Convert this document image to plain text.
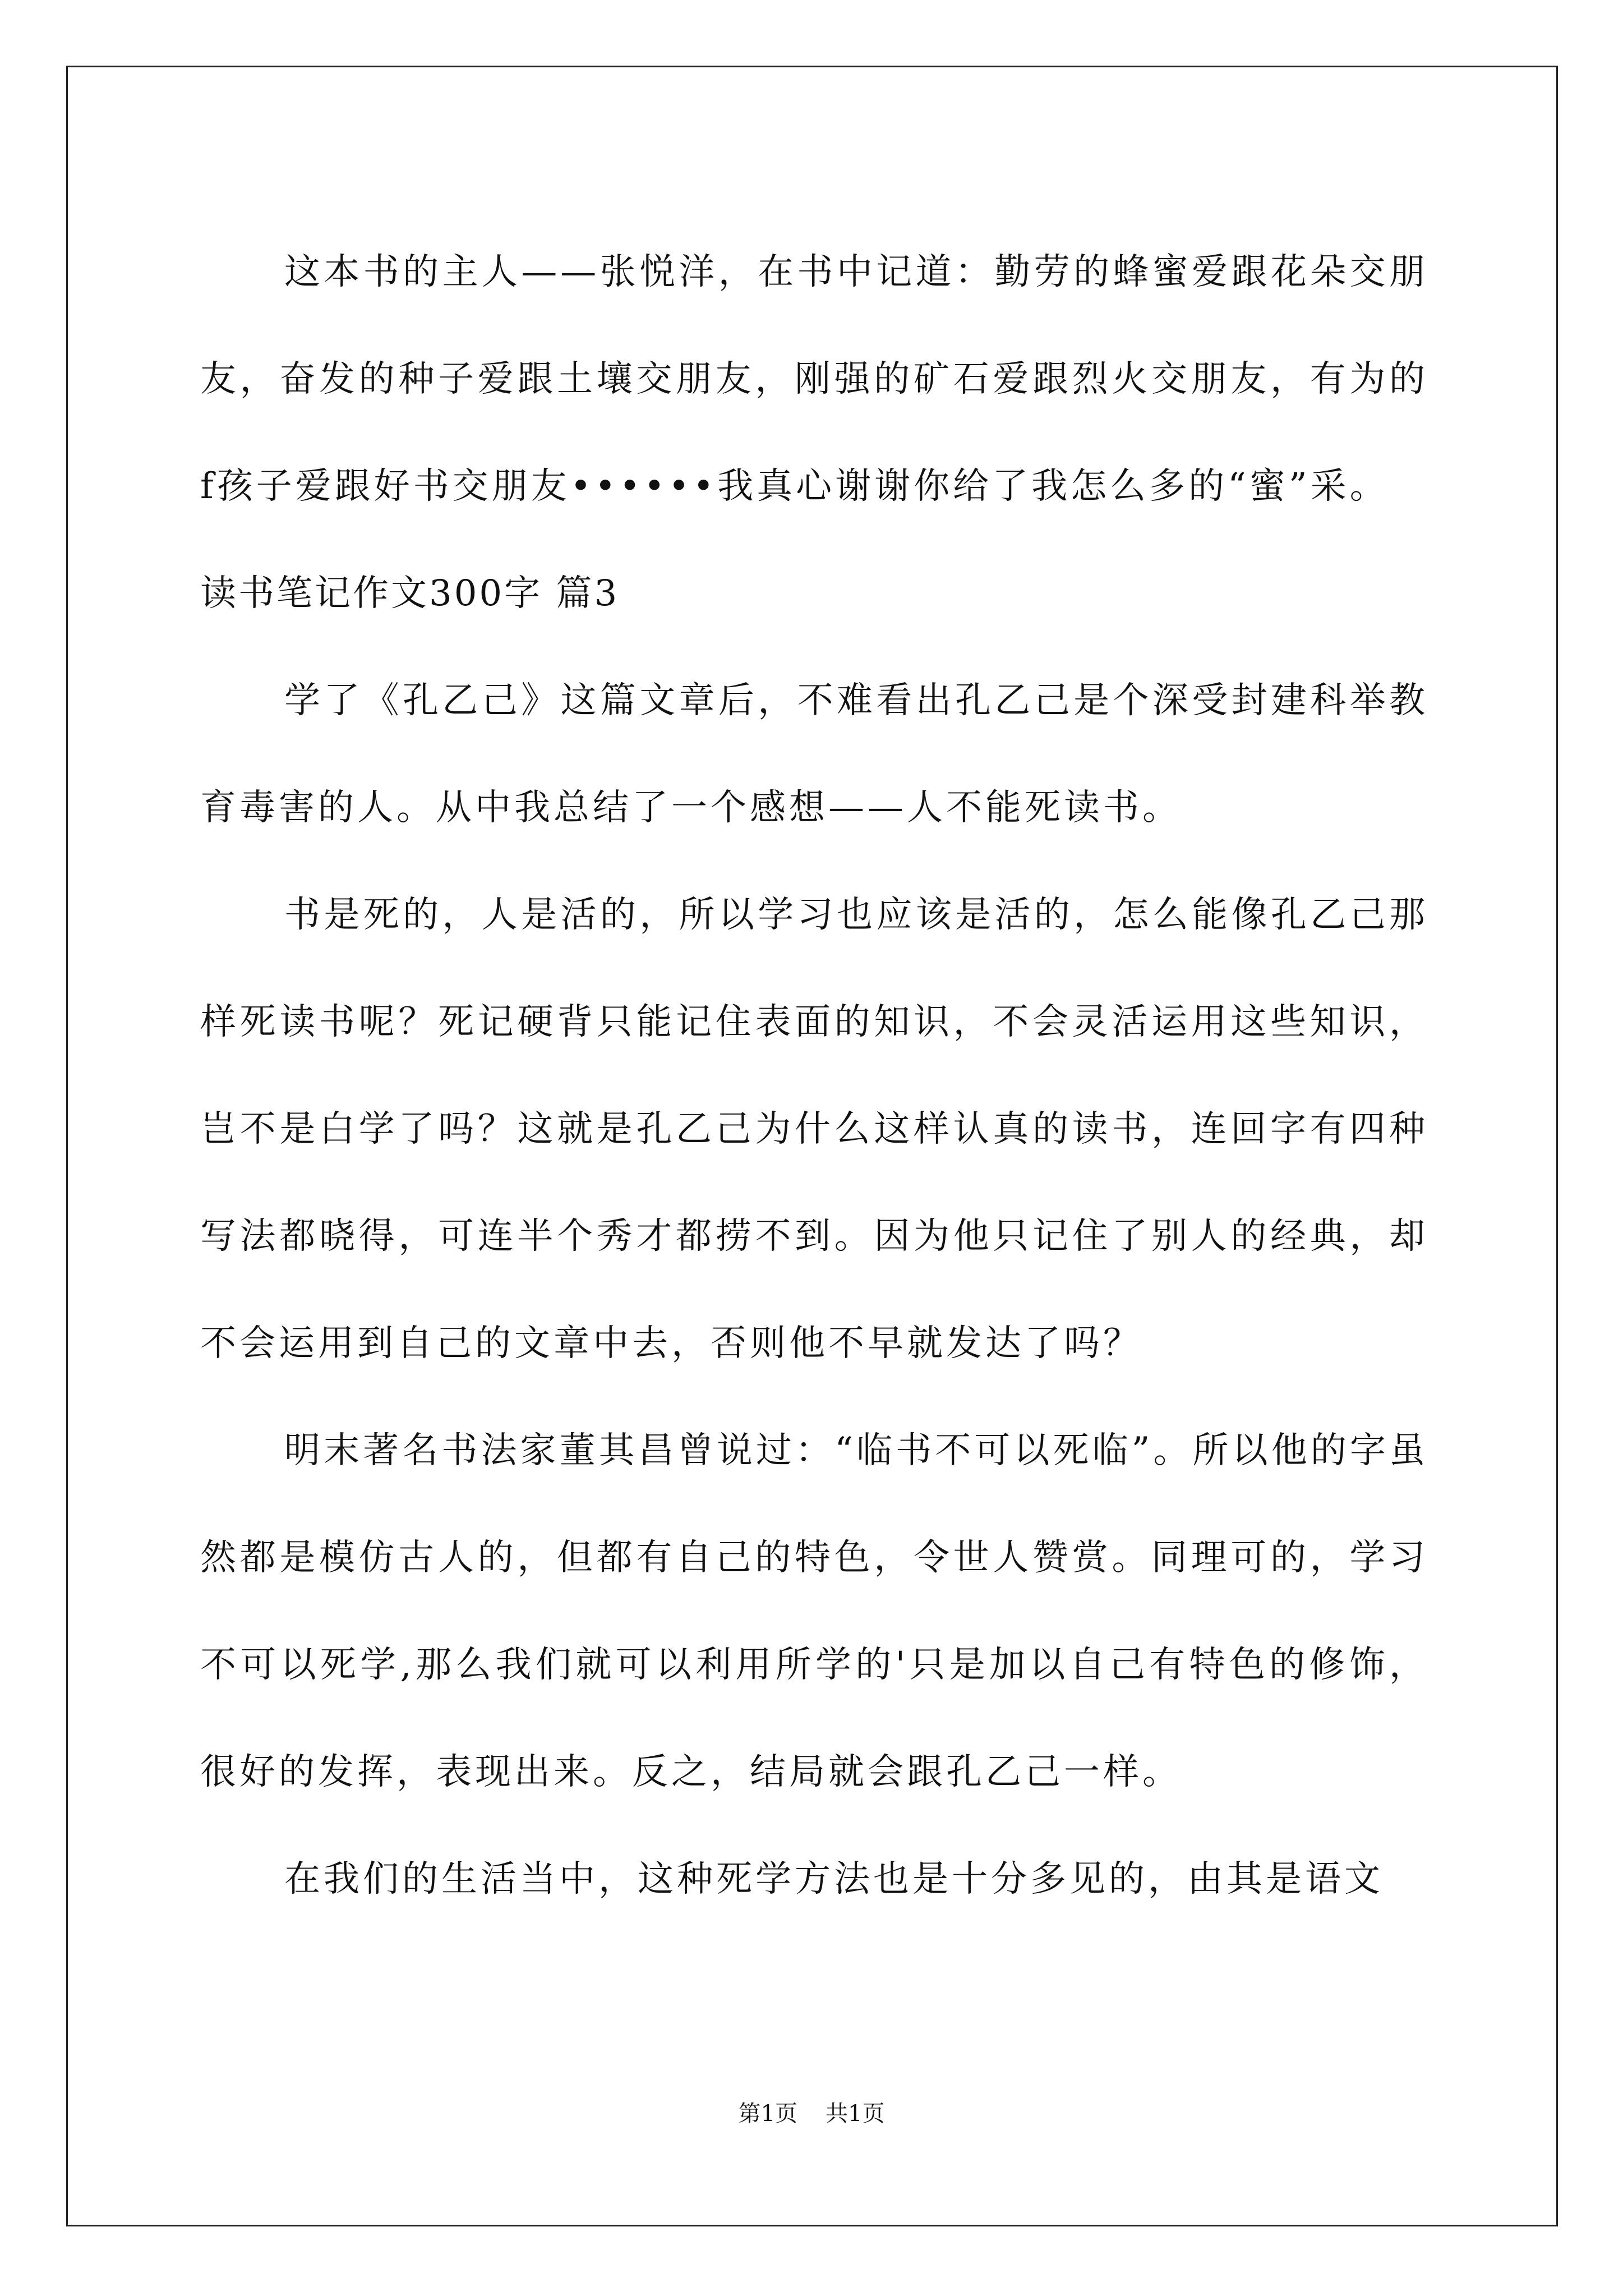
这本书的主人——张悦洋，在书中记道：勤劳的蜂蜜爱跟花朵交朋友，奋发的种子爱跟土壤交朋友，刚强的矿石爱跟烈火交朋友，有为的f孩子爱跟好书交朋友••••••我真心谢谢你给了我怎么多的“蜜”采。

读书笔记作文300字 篇3

学了《孔乙己》这篇文章后，不难看出孔乙己是个深受封建科举教育毒害的人。从中我总结了一个感想——人不能死读书。

书是死的，人是活的，所以学习也应该是活的，怎么能像孔乙己那样死读书呢？死记硬背只能记住表面的知识，不会灵活运用这些知识，岂不是白学了吗？这就是孔乙己为什么这样认真的读书，连回字有四种写法都晓得，可连半个秀才都捞不到。因为他只记住了别人的经典，却不会运用到自己的文章中去，否则他不早就发达了吗？

明末著名书法家董其昌曾说过：“临书不可以死临”。所以他的字虽然都是模仿古人的，但都有自己的特色，令世人赞赏。同理可的，学习不可以死学,那么我们就可以利用所学的'只是加以自己有特色的修饰，很好的发挥，表现出来。反之，结局就会跟孔乙己一样。

在我们的生活当中，这种死学方法也是十分多见的，由其是语文

第1页 共1页
